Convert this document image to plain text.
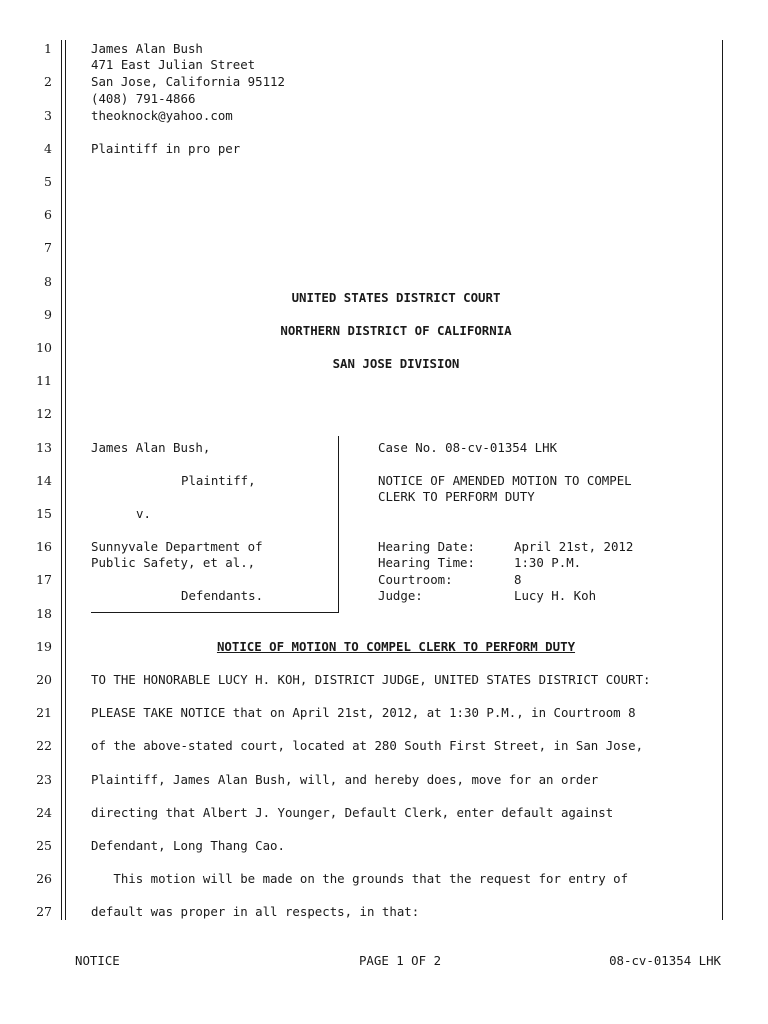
1
2
3
4
5
6
7
8
9
10
11
12
13
14
15
16
17
18
19
20
21
22
23
24
25
26
27
James Alan Bush
471 East Julian Street
San Jose, California 95112
(408) 791-4866
theoknock@yahoo.com
Plaintiff in pro per
UNITED STATES DISTRICT COURT
NORTHERN DISTRICT OF CALIFORNIA
SAN JOSE DIVISION
James Alan Bush,
Plaintiff,
v.
Sunnyvale Department of
Public Safety, et al.,
Defendants.
Case No. 08-cv-01354 LHK
NOTICE OF AMENDED MOTION TO COMPEL
CLERK TO PERFORM DUTY
Hearing Date:	April 21st, 2012
Hearing Time:	1:30 P.M.
Courtroom:	8
Judge:	Lucy H. Koh
NOTICE OF MOTION TO COMPEL CLERK TO PERFORM DUTY
TO THE HONORABLE LUCY H. KOH, DISTRICT JUDGE, UNITED STATES DISTRICT COURT:
PLEASE TAKE NOTICE that on April 21st, 2012, at 1:30 P.M., in Courtroom 8
of the above-stated court, located at 280 South First Street, in San Jose,
Plaintiff, James Alan Bush, will, and hereby does, move for an order
directing that Albert J. Younger, Default Clerk, enter default against
Defendant, Long Thang Cao.
This motion will be made on the grounds that the request for entry of
default was proper in all respects, in that:
NOTICE	PAGE 1 OF 2	08-cv-01354 LHK
